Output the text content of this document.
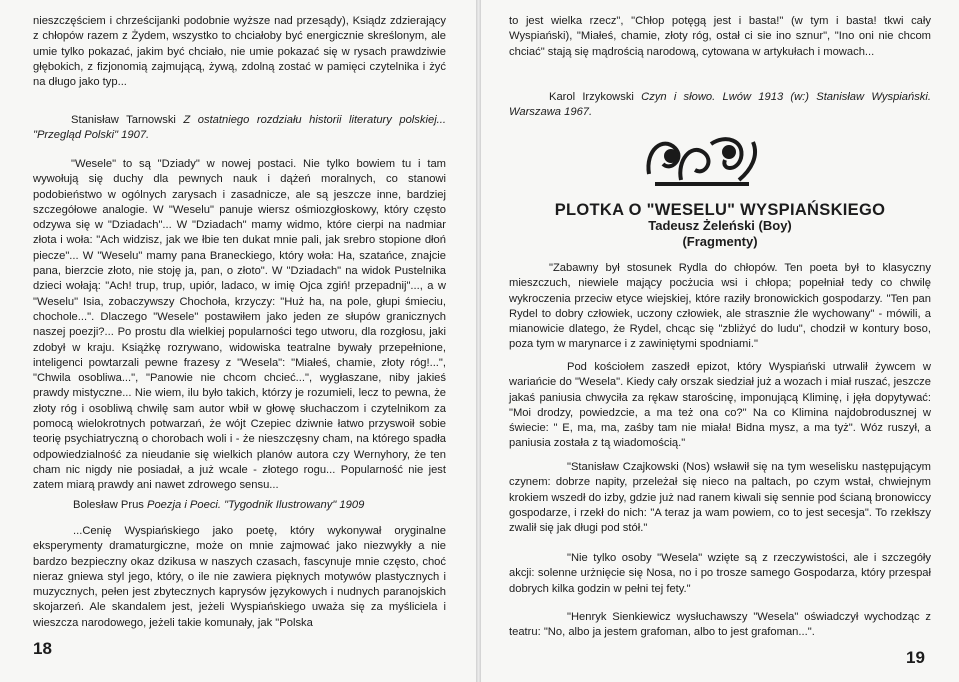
nieszczęściem i chrześcijanki podobnie wyższe nad przesądy), Ksiądz zdzierający z chłopów razem z Żydem, wszystko to chciałoby być energicznie skreślonym, ale umie tylko pokazać, jakim być chciało, nie umie pokazać się w rysach prawdziwie głębokich, z fizjonomią zajmującą, żywą, zdolną zostać w pamięci czytelnika i żyć na długo jako typ...

Stanisław Tarnowski Z ostatniego rozdziału historii literatury polskiej... "Przegląd Polski" 1907.

"Wesele" to są "Dziady" w nowej postaci. Nie tylko bowiem tu i tam wywołują się duchy dla pewnych nauk i dążeń moralnych, co stanowi podobieństwo w ogólnych zarysach i zasadnicze, ale są jeszcze inne, bardziej szczegółowe analogie. W "Weselu" panuje wiersz ośmiozgłoskowy, który często odzywa się w "Dziadach"... W "Dziadach" mamy widmo, które cierpi na nadmiar złota i woła: "Ach widzisz, jak we łbie ten dukat mnie pali, jak srebro stopione dłoń piecze"... W "Weselu" mamy pana Braneckiego, który woła: Ha, szatańce, znajcie pana, bierzcie złoto, nie stoję ja, pan, o złoto". W "Dziadach" na widok Pustelnika dzieci wołają: "Ach! trup, trup, upiór, ladaco, w imię Ojca zgiń! przepadnij"..., a w "Weselu" Isia, zobaczywszy Chochoła, krzyczy: "Huż ha, na pole, głupi śmieciu, chochole...". Dlaczego "Wesele" postawiłem jako jeden ze słupów granicznych naszej poezji?... Po prostu dla wielkiej popularności tego utworu, dla rozgłosu, jaki zdobył w kraju. Książkę rozrywano, widowiska teatralne bywały przepełnione, inteligenci powtarzali pewne frazesy z "Wesela": "Miałeś, chamie, złoty róg!...", "Chwila osobliwa...", "Panowie nie chcom chcieć...", wygłaszane, niby jakieś prawdy mistyczne... Nie wiem, ilu było takich, którzy je rozumieli, lecz to pewna, że złoty róg i osobliwą chwilę sam autor wbił w głowę słuchaczom i czytelnikom za pomocą wielokrotnych potwarzań, że wójt Czepiec dziwnie łatwo przyswoił sobie teorię psychiatryczną o chorobach woli i - że nieszczęsny cham, na którego spadła odpowiedzialność za nieudanie się wielkich planów autora czy Wernyhory, że ten cham nic nigdy nie posiadał, a już wcale - złotego rogu... Popularność nie jest zatem miarą prawdy ani nawet zdrowego sensu...

Bolesław Prus Poezja i Poeci. "Tygodnik Ilustrowany" 1909

...Cenię Wyspiańskiego jako poetę, który wykonywał oryginalne eksperymenty dramaturgiczne, może on mnie zajmować jako niezwykły a nie bardzo bezpieczny okaz dzikusa w naszych czasach, fascynuje mnie często, choć nieraz gniewa styl jego, który, o ile nie zawiera pięknych motywów plastycznych i muzycznych, pełen jest zbytecznych kaprysów językowych i nudnych paranojskich skojarzeń. Ale skandalem jest, jeżeli Wyspiańskiego uważa się za myśliciela i wieszcza narodowego, jeżeli takie komunały, jak "Polska

18

to jest wielka rzecz", "Chłop potęgą jest i basta!" (w tym i basta! tkwi cały Wyspiański), "Miałeś, chamie, złoty róg, ostał ci sie ino sznur", "Ino oni nie chcom chciać" stają się mądrością narodową, cytowana w artykułach i mowach...

Karol Irzykowski Czyn i słowo. Lwów 1913 (w:) Stanisław Wyspiański. Warszawa 1967.

PLOTKA O "WESELU" WYSPIAŃSKIEGO
Tadeusz Żeleński (Boy)
(Fragmenty)

"Zabawny był stosunek Rydla do chłopów. Ten poeta był to klasyczny mieszczuch, niewiele mający pocżucia wsi i chłopa; popełniał tedy co chwilę wykroczenia przeciw etyce wiejskiej, które raziły bronowickich gospodarzy. "Ten pan Rydel to dobry człowiek, uczony człowiek, ale strasznie źle wychowany" - mówili, a mianowicie dlatego, że Rydel, chcąc się "zbliżyć do ludu", chodził w kontury boso, poza tym w marynarce i z zawiniętymi spodniami."

Pod kościołem zaszedł epizot, który Wyspiański utrwalił żywcem w wariańcie do "Wesela". Kiedy cały orszak siedział już a wozach i miał ruszać, jeszcze jakaś paniusia chwyciła za rękaw starościnę, imponującą Kliminę, i jęła dopytywać: "Moi drodzy, powiedzcie, a ma też ona co?" Na co Klimina najdobrodusznej w świecie: " E, ma, ma, zaśby tam nie miała! Bidna mysz, a ma tyż". Wóz ruszył, a paniusia została z tą wiadomością."

"Stanisław Czajkowski (Nos) wsławił się na tym weselisku następującym czynem: dobrze napity, przeleżał się nieco na paltach, po czym wstał, chwiejnym krokiem wszedł do izby, gdzie już nad ranem kiwali się sennie pod ścianą bronowiccy gospodarze, i rzekł do nich: "A teraz ja wam powiem, co to jest secesja". To rzekłszy zwalił się jak długi pod stół."

"Nie tylko osoby "Wesela" wzięte są z rzeczywistości, ale i szczegóły akcji: solenne urżnięcie się Nosa, no i po trosze samego Gospodarza, który przespał dobrych kilka godzin w pełni tej fety."

"Henryk Sienkiewicz wysłuchawszy "Wesela" oświadczył wychodząc z teatru: "No, albo ja jestem grafoman, albo to jest grafoman...".

19
